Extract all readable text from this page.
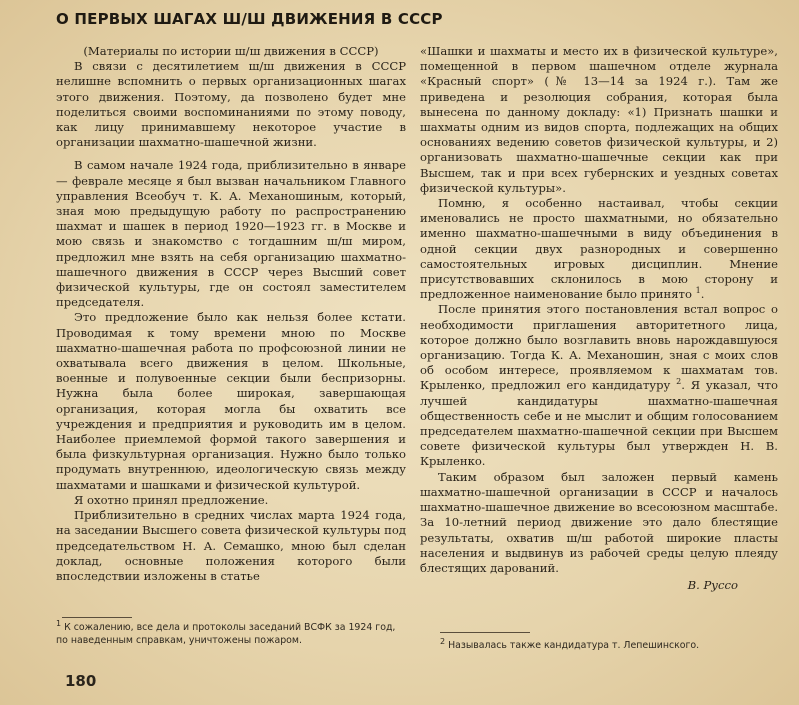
О ПЕРВЫХ ШАГАХ Ш/Ш ДВИЖЕНИЯ В СССР

(Материалы по истории ш/ш движения в СССР)

В связи с десятилетием ш/ш движения в СССР нелишне вспомнить о первых организационных шагах этого движения. Поэтому, да позволено будет мне поделиться своими воспоминаниями по этому поводу, как лицу принимавшему некоторое участие в организации шахматно-шашечной жизни.

В самом начале 1924 года, приблизительно в январе — феврале месяце я был вызван начальником Главного управления Всеобуч т. К. А. Механошиным, который, зная мою предыдущую работу по распространению шахмат и шашек в период 1920—1923 гг. в Москве и мою связь и знакомство с тогдашним ш/ш миром, предложил мне взять на себя организацию шахматно-шашечного движения в СССР через Высший совет физической культуры, где он состоял заместителем председателя.

Это предложение было как нельзя более кстати. Проводимая к тому времени мною по Москве шахматно-шашечная работа по профсоюзной линии не охватывала всего движения в целом. Школьные, военные и полувоенные секции были беспризорны. Нужна была более широкая, завершающая организация, которая могла бы охватить все учреждения и предприятия и руководить им в целом. Наиболее приемлемой формой такого завершения и была физкультурная организация. Нужно было только продумать внутреннюю, идеологическую связь между шахматами и шашками и физической культурой.

Я охотно принял предложение.

Приблизительно в средних числах марта 1924 года, на заседании Высшего совета физической культуры под председательством Н. А. Семашко, мною был сделан доклад, основные положения которого были впоследствии изложены в статье

«Шашки и шахматы и место их в физической культуре», помещенной в первом шашечном отделе журнала «Красный спорт» (№ 13—14 за 1924 г.). Там же приведена и резолюция собрания, которая была вынесена по данному докладу: «1) Признать шашки и шахматы одним из видов спорта, подлежащих на общих основаниях ведению советов физической культуры, и 2) организовать шахматно-шашечные секции как при Высшем, так и при всех губернских и уездных советах физической культуры».

Помню, я особенно настаивал, чтобы секции именовались не просто шахматными, но обязательно именно шахматно-шашечными в виду объединения в одной секции двух разнородных и совершенно самостоятельных игровых дисциплин. Мнение присутствовавших склонилось в мою сторону и предложенное наименование было принято $^1$.

После принятия этого постановления встал вопрос о необходимости приглашения авторитетного лица, которое должно было возглавить вновь нарождавшуюся организацию. Тогда К. А. Механошин, зная с моих слов об особом интересе, проявляемом к шахматам тов. Крыленко, предложил его кандидатуру $^2$. Я указал, что лучшей кандидатуры шахматно-шашечная общественность себе и не мыслит и общим голосованием председателем шахматно-шашечной секции при Высшем совете физической культуры был утвержден Н. В. Крыленко.

Таким образом был заложен первый камень шахматно-шашечной организации в СССР и началось шахматно-шашечное движение во всесоюзном масштабе. За 10-летний период движение это дало блестящие результаты, охватив ш/ш работой широкие пласты населения и выдвинув из рабочей среды целую плеяду блестящих дарований.

В. Руссо
$^1$ К сожалению, все дела и протоколы заседаний ВСФК за 1924 год, по наведенным справкам, уничтожены пожаром.	$^2$ Называлась также кандидатура т. Лепешинского.
180
